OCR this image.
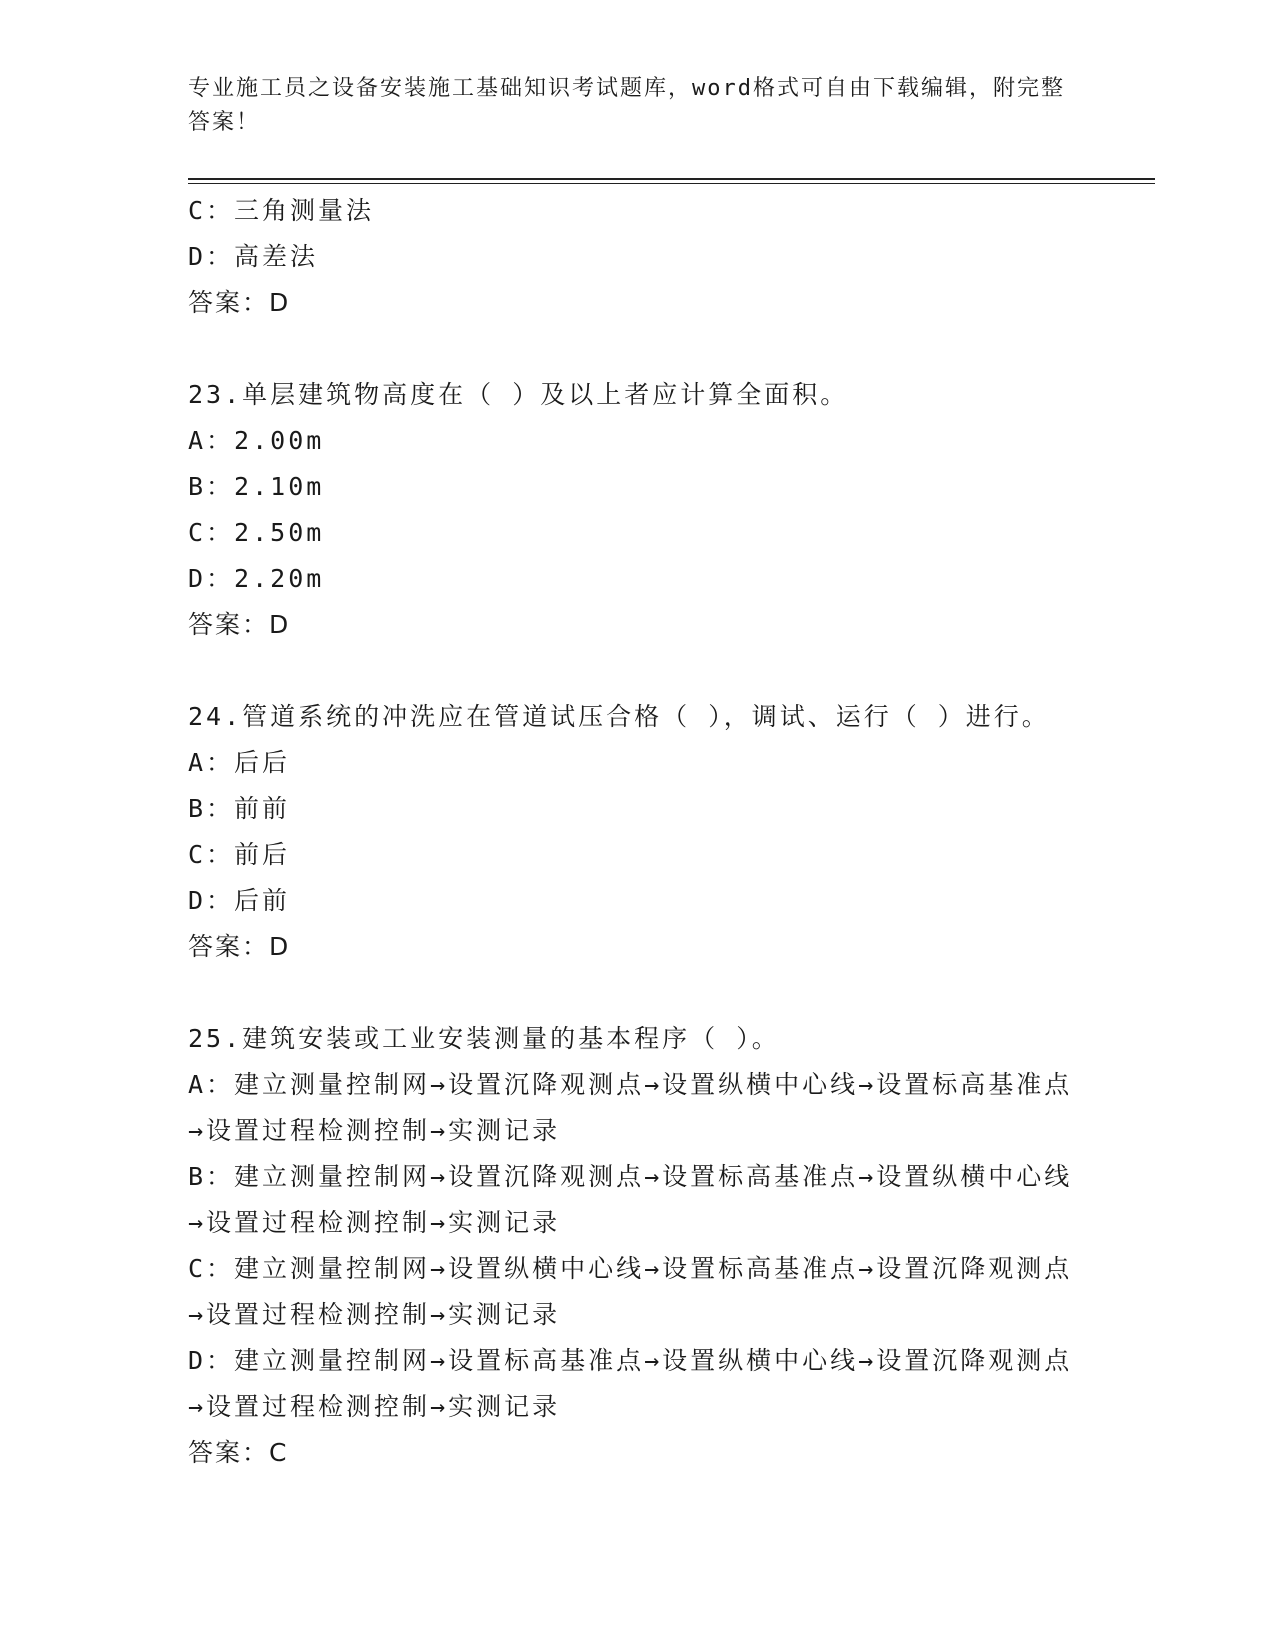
专业施工员之设备安装施工基础知识考试题库，word格式可自由下载编辑，附完整答案！

C：三角测量法

D：高差法

答案：D

23.单层建筑物高度在（ ）及以上者应计算全面积。

A：2.00m

B：2.10m

C：2.50m

D：2.20m

答案：D

24.管道系统的冲洗应在管道试压合格（ ），调试、运行（ ）进行。

A：后后

B：前前

C：前后

D：后前

答案：D

25.建筑安装或工业安装测量的基本程序（ ）。

A：建立测量控制网→设置沉降观测点→设置纵横中心线→设置标高基准点→设置过程检测控制→实测记录

B：建立测量控制网→设置沉降观测点→设置标高基准点→设置纵横中心线→设置过程检测控制→实测记录

C：建立测量控制网→设置纵横中心线→设置标高基准点→设置沉降观测点→设置过程检测控制→实测记录

D：建立测量控制网→设置标高基准点→设置纵横中心线→设置沉降观测点→设置过程检测控制→实测记录

答案：C
